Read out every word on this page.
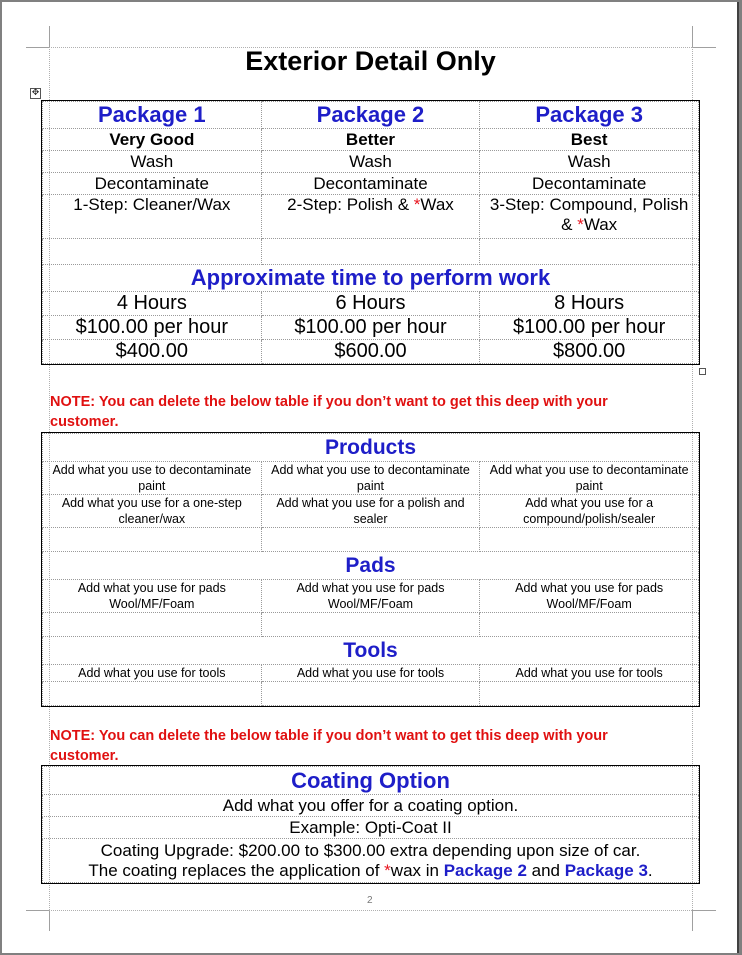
Exterior Detail Only
✥
Package 1	Package 2	Package 3
Very Good	Better	Best
Wash	Wash	Wash
Decontaminate	Decontaminate	Decontaminate
1-Step: Cleaner/Wax	2-Step: Polish & *Wax	3-Step: Compound, Polish & *Wax

Approximate time to perform work		
4 Hours	6 Hours	8 Hours
$100.00 per hour	$100.00 per hour	$100.00 per hour
$400.00	$600.00	$800.00
NOTE: You can delete the below table if you don’t want to get this deep with your customer.
Products		
Add what you use to decontaminate paint	Add what you use to decontaminate paint	Add what you use to decontaminate paint
Add what you use for a one-step cleaner/wax	Add what you use for a polish and sealer	Add what you use for a compound/polish/sealer

Pads		
Add what you use for pads Wool/MF/Foam	Add what you use for pads Wool/MF/Foam	Add what you use for pads Wool/MF/Foam

Tools		
Add what you use for tools	Add what you use for tools	Add what you use for tools

NOTE: You can delete the below table if you don’t want to get this deep with your customer.
Coating Option
Add what you offer for a coating option.
Example: Opti-Coat II
Coating Upgrade: $200.00 to $300.00 extra depending upon size of car.
The coating replaces the application of *wax in Package 2 and Package 3.
2
